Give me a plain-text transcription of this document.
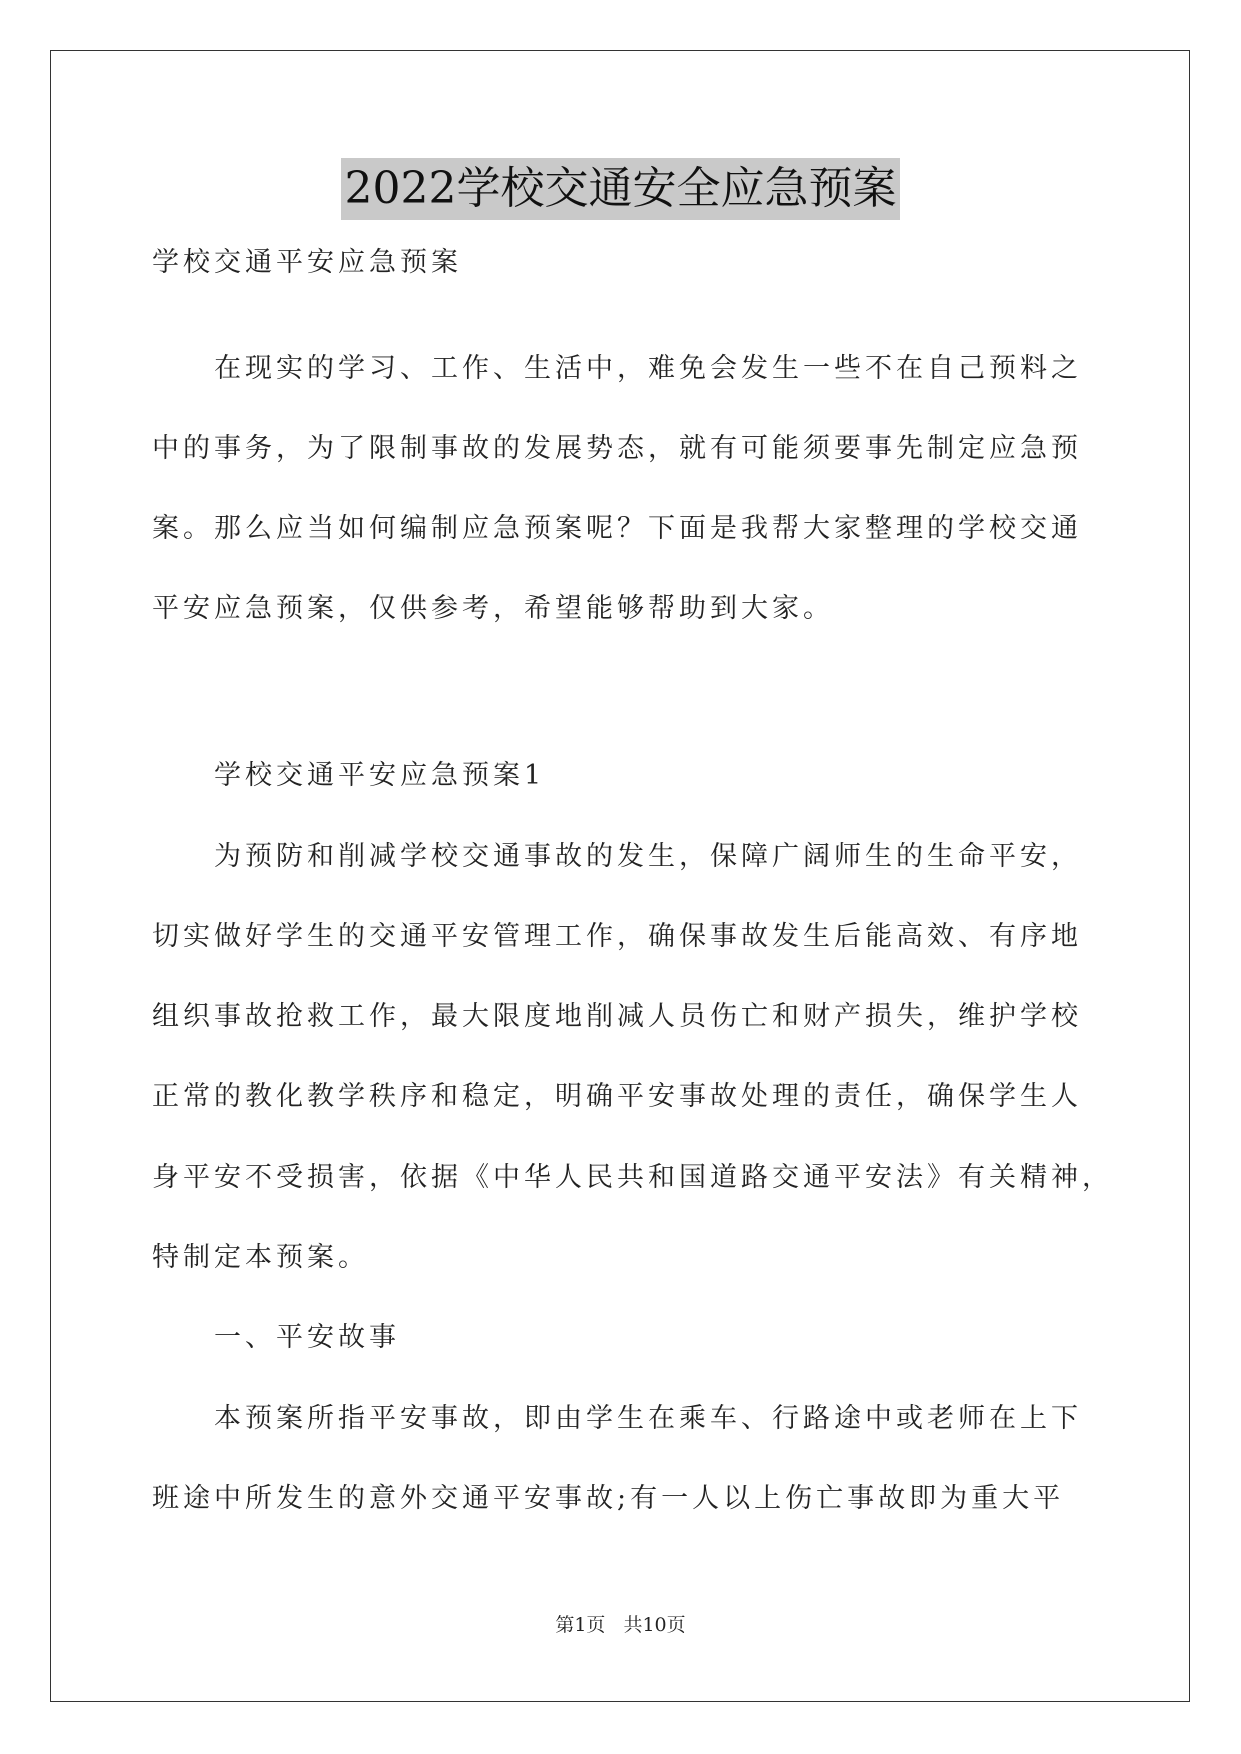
2022学校交通安全应急预案
学校交通平安应急预案
　　在现实的学习、工作、生活中，难免会发生一些不在自己预料之
中的事务，为了限制事故的发展势态，就有可能须要事先制定应急预
案。那么应当如何编制应急预案呢？下面是我帮大家整理的学校交通
平安应急预案，仅供参考，希望能够帮助到大家。
　　学校交通平安应急预案1
　　为预防和削减学校交通事故的发生，保障广阔师生的生命平安，
切实做好学生的交通平安管理工作，确保事故发生后能高效、有序地
组织事故抢救工作，最大限度地削减人员伤亡和财产损失，维护学校
正常的教化教学秩序和稳定，明确平安事故处理的责任，确保学生人
身平安不受损害，依据《中华人民共和国道路交通平安法》有关精神，
特制定本预案。
　　一、平安故事
　　本预案所指平安事故，即由学生在乘车、行路途中或老师在上下
班途中所发生的意外交通平安事故;有一人以上伤亡事故即为重大平
第1页 共10页
